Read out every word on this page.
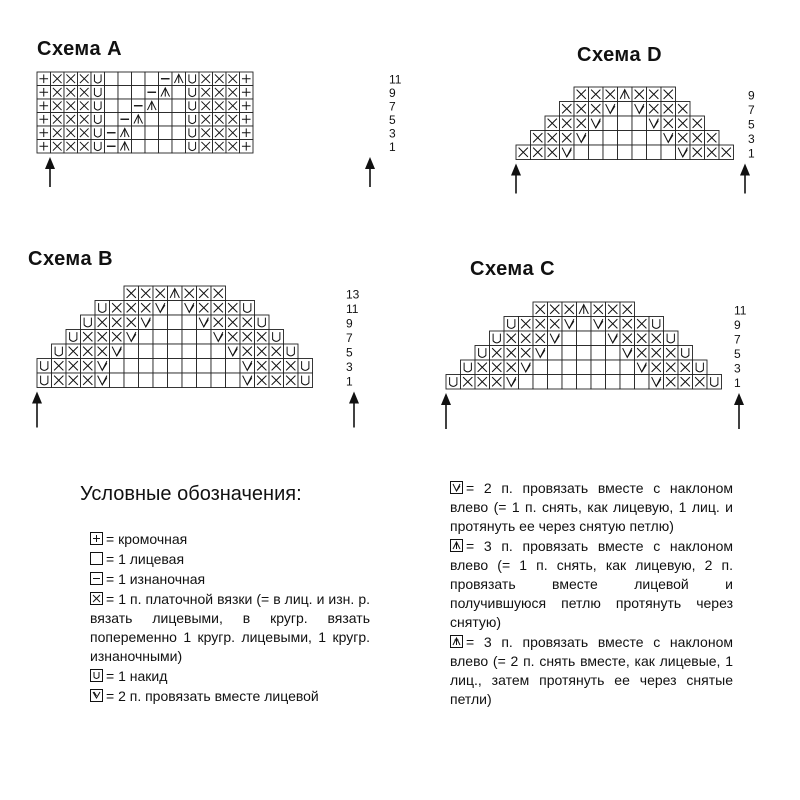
Схема A	Схема D
Схема B	Схема C
11
9
7
5
3
1
9
7
5
3
1
13
11
9
7
5
3
1
11
9
7
5
3
1
Условные обозначения:
= кромочная
= 1 лицевая
= 1 изнаночная
= 1 п. платочной вязки (= в лиц. и изн. р. вязать лицевыми, в кругр. вязать попеременно 1 кругр. лицевыми, 1 кругр. изнаночными)
= 1 накид
= 2 п. провязать вместе лицевой
= 2 п. провязать вместе с наклоном влево (= 1 п. снять, как лицевую, 1 лиц. и протянуть ее через снятую петлю)
= 3 п. провязать вместе с наклоном влево (= 1 п. снять, как лицевую, 2 п. провязать вместе лицевой и получившуюся петлю протянуть через снятую)
= 3 п. провязать вместе с наклоном влево (= 2 п. снять вместе, как лицевые, 1 лиц., затем протянуть ее через снятые петли)
